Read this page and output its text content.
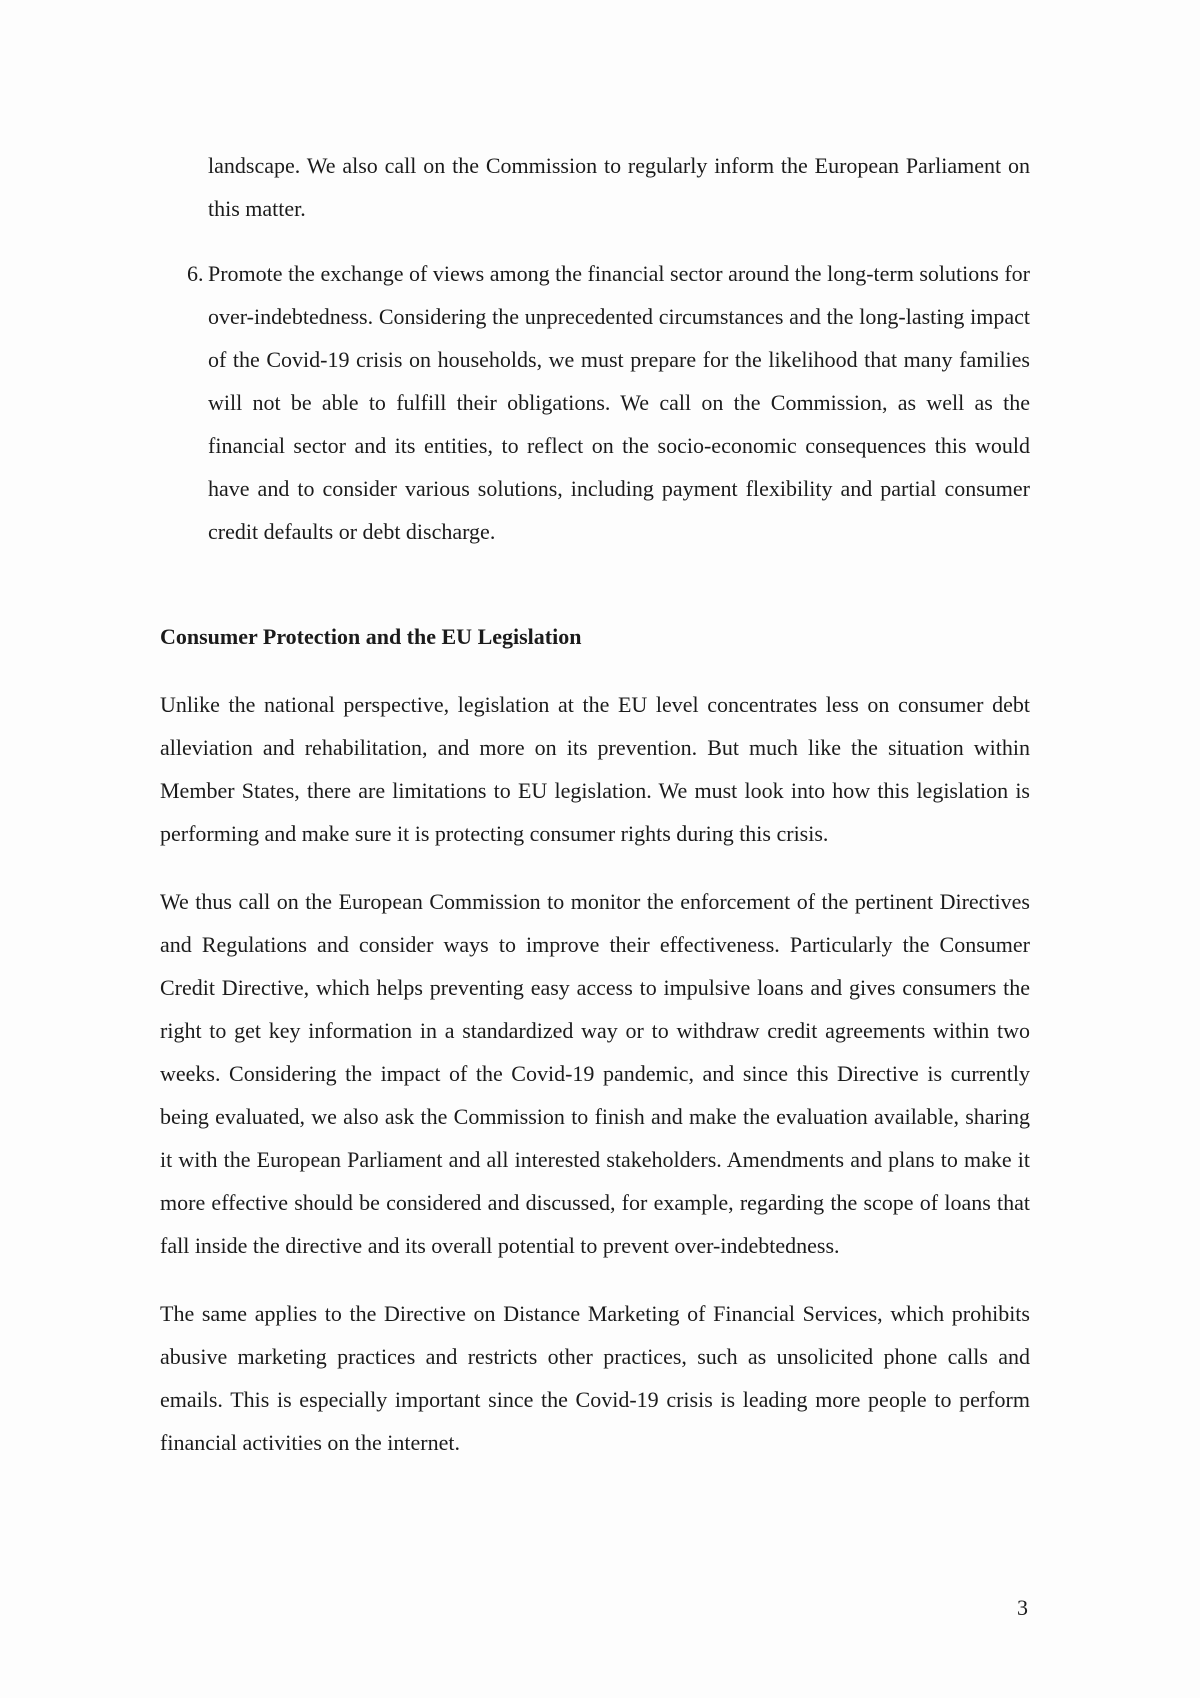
landscape. We also call on the Commission to regularly inform the European Parliament on this matter.

6. Promote the exchange of views among the financial sector around the long-term solutions for over-indebtedness. Considering the unprecedented circumstances and the long-lasting impact of the Covid-19 crisis on households, we must prepare for the likelihood that many families will not be able to fulfill their obligations. We call on the Commission, as well as the financial sector and its entities, to reflect on the socio-economic consequences this would have and to consider various solutions, including payment flexibility and partial consumer credit defaults or debt discharge.
Consumer Protection and the EU Legislation

Unlike the national perspective, legislation at the EU level concentrates less on consumer debt alleviation and rehabilitation, and more on its prevention. But much like the situation within Member States, there are limitations to EU legislation. We must look into how this legislation is performing and make sure it is protecting consumer rights during this crisis.

We thus call on the European Commission to monitor the enforcement of the pertinent Directives and Regulations and consider ways to improve their effectiveness. Particularly the Consumer Credit Directive, which helps preventing easy access to impulsive loans and gives consumers the right to get key information in a standardized way or to withdraw credit agreements within two weeks. Considering the impact of the Covid-19 pandemic, and since this Directive is currently being evaluated, we also ask the Commission to finish and make the evaluation available, sharing it with the European Parliament and all interested stakeholders. Amendments and plans to make it more effective should be considered and discussed, for example, regarding the scope of loans that fall inside the directive and its overall potential to prevent over-indebtedness.

The same applies to the Directive on Distance Marketing of Financial Services, which prohibits abusive marketing practices and restricts other practices, such as unsolicited phone calls and emails. This is especially important since the Covid-19 crisis is leading more people to perform financial activities on the internet.

3
